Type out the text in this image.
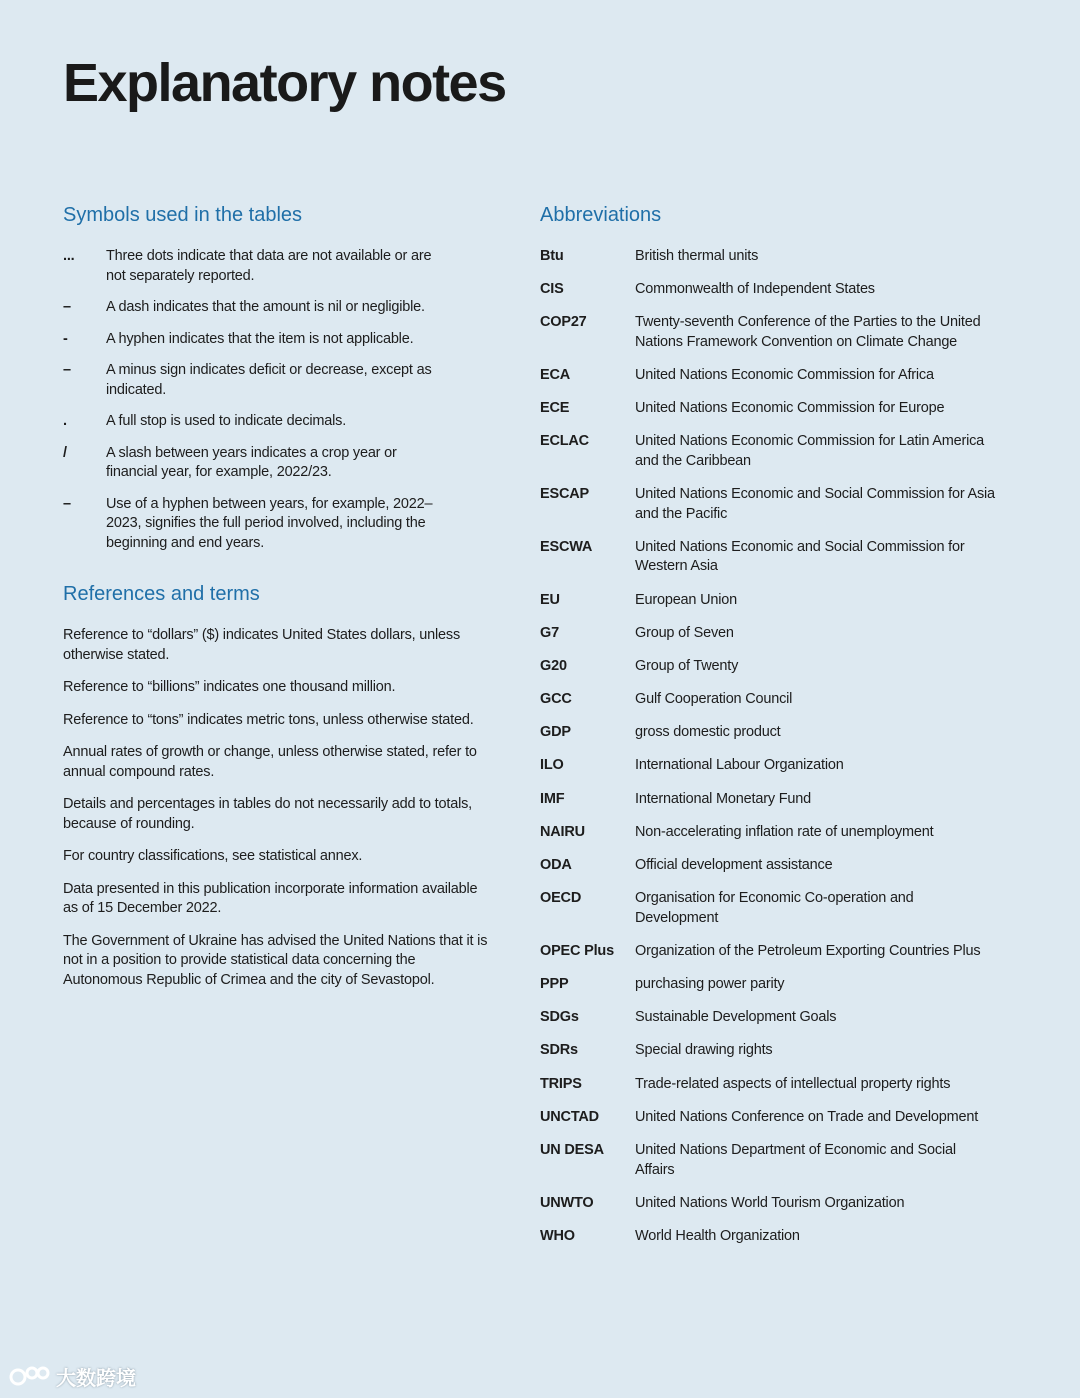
Explanatory notes
Symbols used in the tables
...	Three dots indicate that data are not available or are not separately reported.
–	A dash indicates that the amount is nil or negligible.
-	A hyphen indicates that the item is not applicable.
–	A minus sign indicates deficit or decrease, except as indicated.
.	A full stop is used to indicate decimals.
/	A slash between years indicates a crop year or financial year, for example, 2022/23.
–	Use of a hyphen between years, for example, 2022–2023, signifies the full period involved, including the beginning and end years.
References and terms

Reference to “dollars” ($) indicates United States dollars, unless otherwise stated.

Reference to “billions” indicates one thousand million.

Reference to “tons” indicates metric tons, unless otherwise stated.

Annual rates of growth or change, unless otherwise stated, refer to annual compound rates.

Details and percentages in tables do not necessarily add to totals, because of rounding.

For country classifications, see statistical annex.

Data presented in this publication incorporate information available as of 15 December 2022.

The Government of Ukraine has advised the United Nations that it is not in a position to provide statistical data concerning the Autonomous Republic of Crimea and the city of Sevastopol.

Abbreviations
Btu	British thermal units
CIS	Commonwealth of Independent States
COP27	Twenty-seventh Conference of the Parties to the United Nations Framework Convention on Climate Change
ECA	United Nations Economic Commission for Africa
ECE	United Nations Economic Commission for Europe
ECLAC	United Nations Economic Commission for Latin America and the Caribbean
ESCAP	United Nations Economic and Social Commission for Asia and the Pacific
ESCWA	United Nations Economic and Social Commission for Western Asia
EU	European Union
G7	Group of Seven
G20	Group of Twenty
GCC	Gulf Cooperation Council
GDP	gross domestic product
ILO	International Labour Organization
IMF	International Monetary Fund
NAIRU	Non-accelerating inflation rate of unemployment
ODA	Official development assistance
OECD	Organisation for Economic Co-operation and Development
OPEC Plus	Organization of the Petroleum Exporting Countries Plus
PPP	purchasing power parity
SDGs	Sustainable Development Goals
SDRs	Special drawing rights
TRIPS	Trade-related aspects of intellectual property rights
UNCTAD	United Nations Conference on Trade and Development
UN DESA	United Nations Department of Economic and Social Affairs
UNWTO	United Nations World Tourism Organization
WHO	World Health Organization
大数跨境
